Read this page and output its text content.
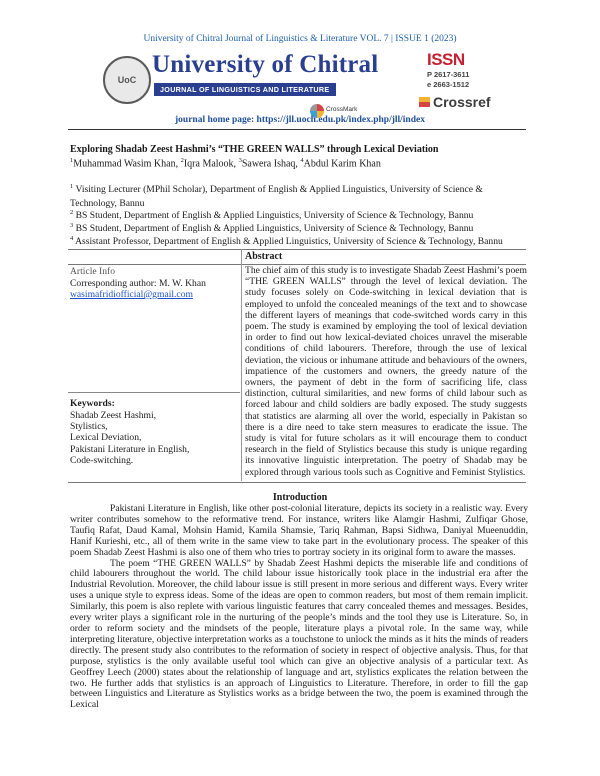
University of Chitral Journal of Linguistics & Literature VOL. 7 | ISSUE 1 (2023)
UoC
University of Chitral
JOURNAL OF LINGUISTICS AND LITERATURE
CrossMark
ISSN
P 2617-3611
e 2663-1512
Crossref
journal home page: https://jll.uoch.edu.pk/index.php/jll/index
Exploring Shadab Zeest Hashmi’s “THE GREEN WALLS” through Lexical Deviation
$^1$Muhammad Wasim Khan, $^2$Iqra Malook, $^3$Sawera Ishaq, $^4$Abdul Karim Khan
$^1$ Visiting Lecturer (MPhil Scholar), Department of English & Applied Linguistics, University of Science & Technology, Bannu
$^2$ BS Student, Department of English & Applied Linguistics, University of Science & Technology, Bannu
$^3$ BS Student, Department of English & Applied Linguistics, University of Science & Technology, Bannu
$^4$ Assistant Professor, Department of English & Applied Linguistics, University of Science & Technology, Bannu
Abstract
Article Info
Corresponding author: M. W. Khan
wasimafridiofficial@gmail.com
Keywords:
Shadab Zeest Hashmi,
Stylistics,
Lexical Deviation,
Pakistani Literature in English,
Code-switching.
The chief aim of this study is to investigate Shadab Zeest Hashmi’s poem “THE GREEN WALLS” through the level of lexical deviation. The study focuses solely on Code-switching in lexical deviation that is employed to unfold the concealed meanings of the text and to showcase the different layers of meanings that code-switched words carry in this poem. The study is examined by employing the tool of lexical deviation in order to find out how lexical-deviated choices unravel the miserable conditions of child labourers. Therefore, through the use of lexical deviation, the vicious or inhumane attitude and behaviours of the owners, impatience of the customers and owners, the greedy nature of the owners, the payment of debt in the form of sacrificing life, class distinction, cultural similarities, and new forms of child labour such as forced labour and child soldiers are badly exposed. The study suggests that statistics are alarming all over the world, especially in Pakistan so there is a dire need to take stern measures to eradicate the issue. The study is vital for future scholars as it will encourage them to conduct research in the field of Stylistics because this study is unique regarding its innovative linguistic interpretation. The poetry of Shadab may be explored through various tools such as Cognitive and Feminist Stylistics.
Introduction

Pakistani Literature in English, like other post-colonial literature, depicts its society in a realistic way. Every writer contributes somehow to the reformative trend. For instance, writers like Alamgir Hashmi, Zulfiqar Ghose, Taufiq Rafat, Daud Kamal, Mohsin Hamid, Kamila Shamsie, Tariq Rahman, Bapsi Sidhwa, Daniyal Mueenuddin, Hanif Kurieshi, etc., all of them write in the same view to take part in the evolutionary process. The speaker of this poem Shadab Zeest Hashmi is also one of them who tries to portray society in its original form to aware the masses.

The poem “THE GREEN WALLS” by Shadab Zeest Hashmi depicts the miserable life and conditions of child labourers throughout the world. The child labour issue historically took place in the industrial era after the Industrial Revolution. Moreover, the child labour issue is still present in more serious and different ways. Every writer uses a unique style to express ideas. Some of the ideas are open to common readers, but most of them remain implicit. Similarly, this poem is also replete with various linguistic features that carry concealed themes and messages. Besides, every writer plays a significant role in the nurturing of the people’s minds and the tool they use is Literature. So, in order to reform society and the mindsets of the people, literature plays a pivotal role. In the same way, while interpreting literature, objective interpretation works as a touchstone to unlock the minds as it hits the minds of readers directly. The present study also contributes to the reformation of society in respect of objective analysis. Thus, for that purpose, stylistics is the only available useful tool which can give an objective analysis of a particular text. As Geoffrey Leech (2000) states about the relationship of language and art, stylistics explicates the relation between the two. He further adds that stylistics is an approach of Linguistics to Literature. Therefore, in order to fill the gap between Linguistics and Literature as Stylistics works as a bridge between the two, the poem is examined through the Lexical
